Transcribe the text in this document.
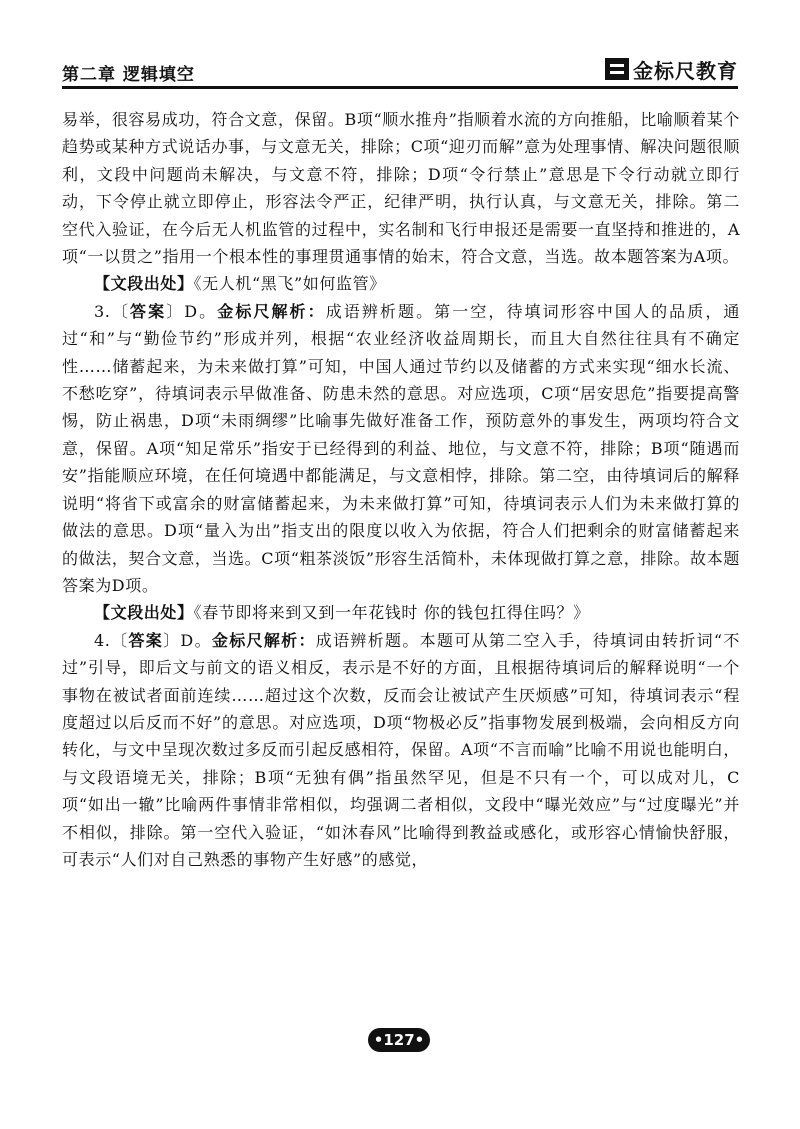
第二章 逻辑填空	金标尺教育

易举，很容易成功，符合文意，保留。B项“顺水推舟”指顺着水流的方向推船，比喻顺着某个趋势或某种方式说话办事，与文意无关，排除；C项“迎刃而解”意为处理事情、解决问题很顺利，文段中问题尚未解决，与文意不符，排除；D项“令行禁止”意思是下令行动就立即行动，下令停止就立即停止，形容法令严正，纪律严明，执行认真，与文意无关，排除。第二空代入验证，在今后无人机监管的过程中，实名制和飞行申报还是需要一直坚持和推进的，A项“一以贯之”指用一个根本性的事理贯通事情的始末，符合文意，当选。故本题答案为A项。

【文段出处】《无人机“黑飞”如何监管》

3.〔答案〕D。金标尺解析：成语辨析题。第一空，待填词形容中国人的品质，通过“和”与“勤俭节约”形成并列，根据“农业经济收益周期长，而且大自然往往具有不确定性……储蓄起来，为未来做打算”可知，中国人通过节约以及储蓄的方式来实现“细水长流、不愁吃穿”，待填词表示早做准备、防患未然的意思。对应选项，C项“居安思危”指要提高警惕，防止祸患，D项“未雨绸缪”比喻事先做好准备工作，预防意外的事发生，两项均符合文意，保留。A项“知足常乐”指安于已经得到的利益、地位，与文意不符，排除；B项“随遇而安”指能顺应环境，在任何境遇中都能满足，与文意相悖，排除。第二空，由待填词后的解释说明“将省下或富余的财富储蓄起来，为未来做打算”可知，待填词表示人们为未来做打算的做法的意思。D项“量入为出”指支出的限度以收入为依据，符合人们把剩余的财富储蓄起来的做法，契合文意，当选。C项“粗茶淡饭”形容生活简朴，未体现做打算之意，排除。故本题答案为D项。

【文段出处】《春节即将来到又到一年花钱时 你的钱包扛得住吗？》

4.〔答案〕D。金标尺解析：成语辨析题。本题可从第二空入手，待填词由转折词“不过”引导，即后文与前文的语义相反，表示是不好的方面，且根据待填词后的解释说明“一个事物在被试者面前连续……超过这个次数，反而会让被试产生厌烦感”可知，待填词表示“程度超过以后反而不好”的意思。对应选项，D项“物极必反”指事物发展到极端，会向相反方向转化，与文中呈现次数过多反而引起反感相符，保留。A项“不言而喻”比喻不用说也能明白，与文段语境无关，排除；B项“无独有偶”指虽然罕见，但是不只有一个，可以成对儿，C项“如出一辙”比喻两件事情非常相似，均强调二者相似，文段中“曝光效应”与“过度曝光”并不相似，排除。第一空代入验证，“如沐春风”比喻得到教益或感化，或形容心情愉快舒服，可表示“人们对自己熟悉的事物产生好感”的感觉，

•127•
